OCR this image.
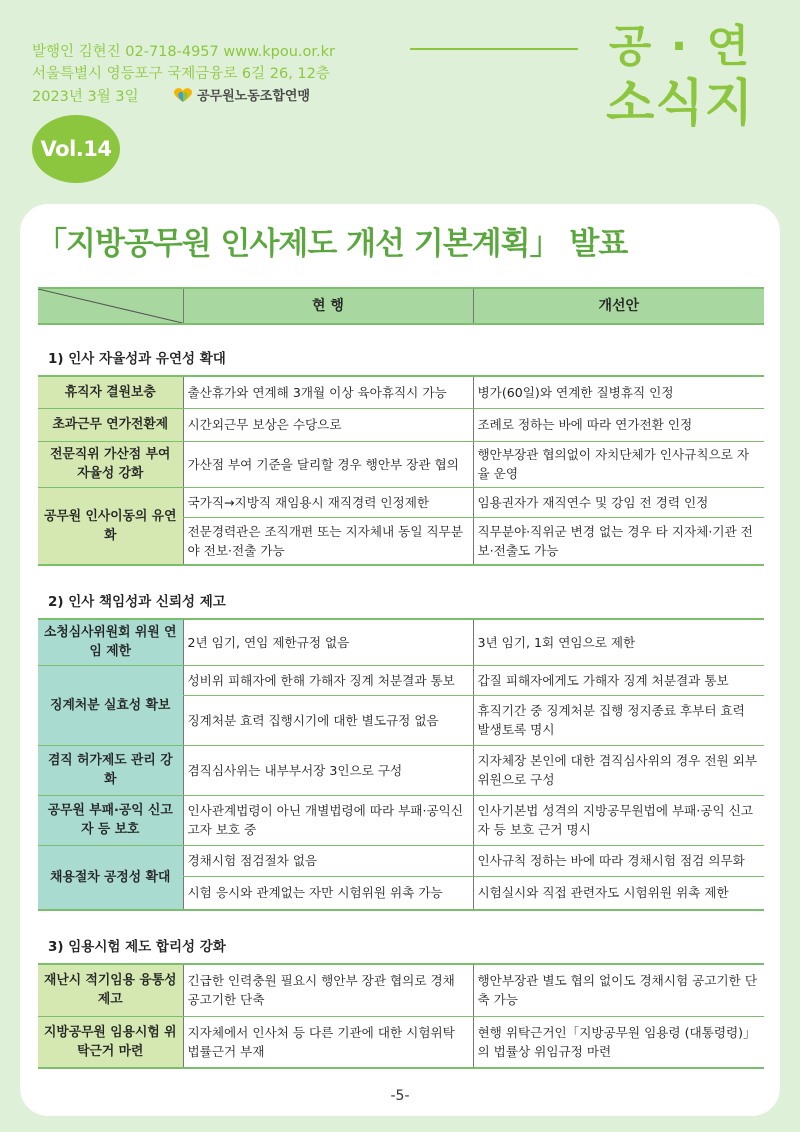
발행인 김현진 02-718-4957 www.kpou.or.kr
서울특별시 영등포구 국제금융로 6길 26, 12층
2023년 3월 3일	공무원노동조합연맹
Vol.14
공 · 연
소식지
「지방공무원 인사제도 개선 기본계획」 발표
	현 행	개선안
1) 인사 자율성과 유연성 확대		
휴직자 결원보충	출산휴가와 연계해 3개월 이상 육아휴직시 가능	병가(60일)와 연계한 질병휴직 인정
초과근무 연가전환제	시간외근무 보상은 수당으로	조례로 정하는 바에 따라 연가전환 인정
전문직위 가산점 부여 자율성 강화	가산점 부여 기준을 달리할 경우 행안부 장관 협의	행안부장관 협의없이 자치단체가 인사규칙으로 자율 운영
공무원 인사이동의 유연화	국가직→지방직 재임용시 재직경력 인정제한	임용권자가 재직연수 및 강임 전 경력 인정
	전문경력관은 조직개편 또는 지자체내 동일 직무분야 전보·전출 가능	직무분야·직위군 변경 없는 경우 타 지자체·기관 전보·전출도 가능
2) 인사 책임성과 신뢰성 제고		
소청심사위원회 위원 연임 제한	2년 임기, 연임 제한규정 없음	3년 임기, 1회 연임으로 제한
징계처분 실효성 확보	성비위 피해자에 한해 가해자 징계 처분결과 통보	갑질 피해자에게도 가해자 징계 처분결과 통보
	징계처분 효력 집행시기에 대한 별도규정 없음	휴직기간 중 징계처분 집행 정지종료 후부터 효력 발생토록 명시
겸직 허가제도 관리 강화	겸직심사위는 내부부서장 3인으로 구성	지자체장 본인에 대한 겸직심사위의 경우 전원 외부위원으로 구성
공무원 부패·공익 신고자 등 보호	인사관계법령이 아닌 개별법령에 따라 부패·공익신고자 보호 중	인사기본법 성격의 지방공무원법에 부패·공익 신고자 등 보호 근거 명시
채용절차 공정성 확대	경채시험 점검절차 없음	인사규칙 정하는 바에 따라 경채시험 점검 의무화
	시험 응시와 관계없는 자만 시험위원 위촉 가능	시험실시와 직접 관련자도 시험위원 위촉 제한
3) 임용시험 제도 합리성 강화		
재난시 적기임용 융통성 제고	긴급한 인력충원 필요시 행안부 장관 협의로 경채 공고기한 단축	행안부장관 별도 협의 없이도 경채시험 공고기한 단축 가능
지방공무원 임용시험 위탁근거 마련	지자체에서 인사처 등 다른 기관에 대한 시험위탁 법률근거 부재	현행 위탁근거인「지방공무원 임용령 (대통령령)」의 법률상 위임규정 마련
-5-
